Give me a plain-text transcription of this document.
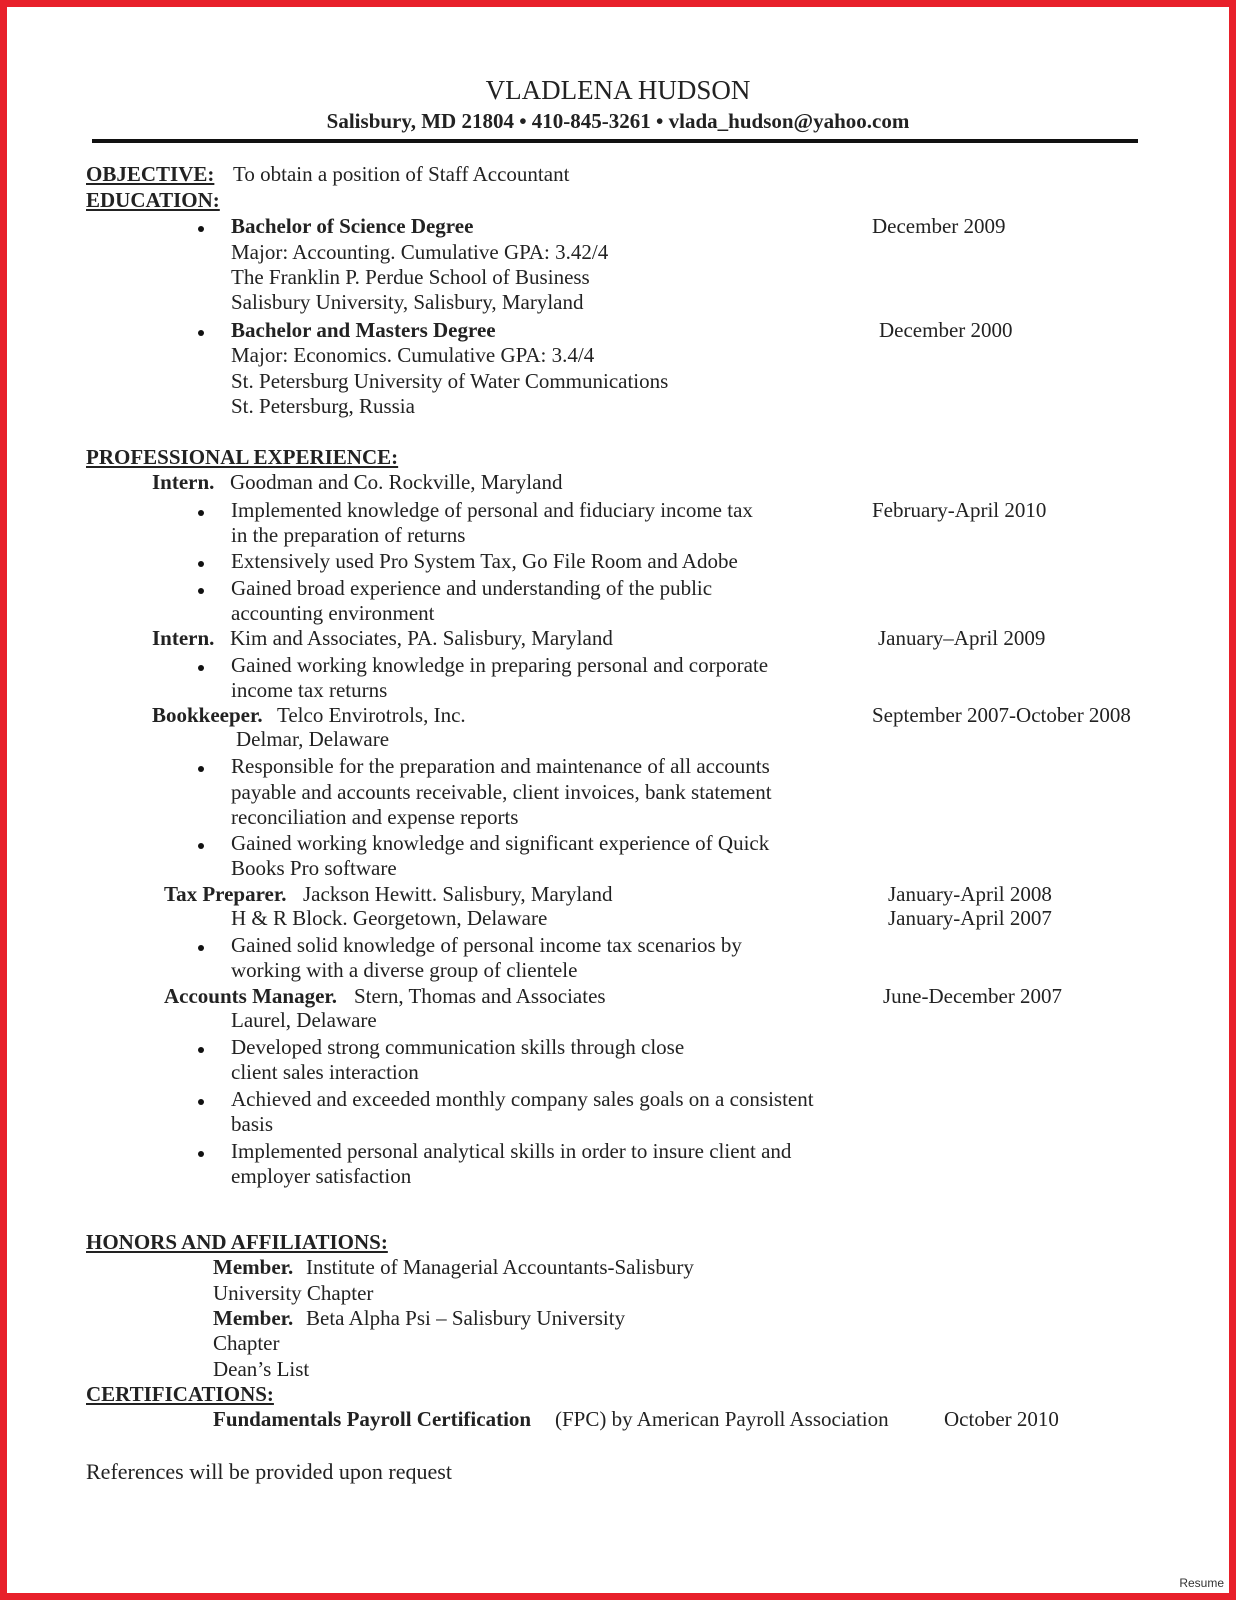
VLADLENA HUDSON
Salisbury, MD 21804 • 410-845-3261 • vlada_hudson@yahoo.com
OBJECTIVE: To obtain a position of Staff Accountant
EDUCATION:
Bachelor of Science Degree	December 2009
Major: Accounting. Cumulative GPA: 3.42/4
The Franklin P. Perdue School of Business
Salisbury University, Salisbury, Maryland
Bachelor and Masters Degree	December 2000
Major: Economics. Cumulative GPA: 3.4/4
St. Petersburg University of Water Communications
St. Petersburg, Russia
PROFESSIONAL EXPERIENCE:
Intern. Goodman and Co. Rockville, Maryland
Implemented knowledge of personal and fiduciary income tax	February-April 2010
in the preparation of returns
Extensively used Pro System Tax, Go File Room and Adobe
Gained broad experience and understanding of the public
accounting environment
Intern. Kim and Associates, PA. Salisbury, Maryland	January–April 2009
Gained working knowledge in preparing personal and corporate
income tax returns
Bookkeeper. Telco Envirotrols, Inc.	September 2007-October 2008
Delmar, Delaware
Responsible for the preparation and maintenance of all accounts
payable and accounts receivable, client invoices, bank statement
reconciliation and expense reports
Gained working knowledge and significant experience of Quick
Books Pro software
Tax Preparer. Jackson Hewitt. Salisbury, Maryland	January-April 2008
H & R Block. Georgetown, Delaware	January-April 2007
Gained solid knowledge of personal income tax scenarios by
working with a diverse group of clientele
Accounts Manager. Stern, Thomas and Associates	June-December 2007
Laurel, Delaware
Developed strong communication skills through close
client sales interaction
Achieved and exceeded monthly company sales goals on a consistent
basis
Implemented personal analytical skills in order to insure client and
employer satisfaction
HONORS AND AFFILIATIONS:
Member. Institute of Managerial Accountants-Salisbury
University Chapter
Member. Beta Alpha Psi – Salisbury University
Chapter
Dean’s List
CERTIFICATIONS:
Fundamentals Payroll Certification (FPC) by American Payroll Association	October 2010
References will be provided upon request
Resume
